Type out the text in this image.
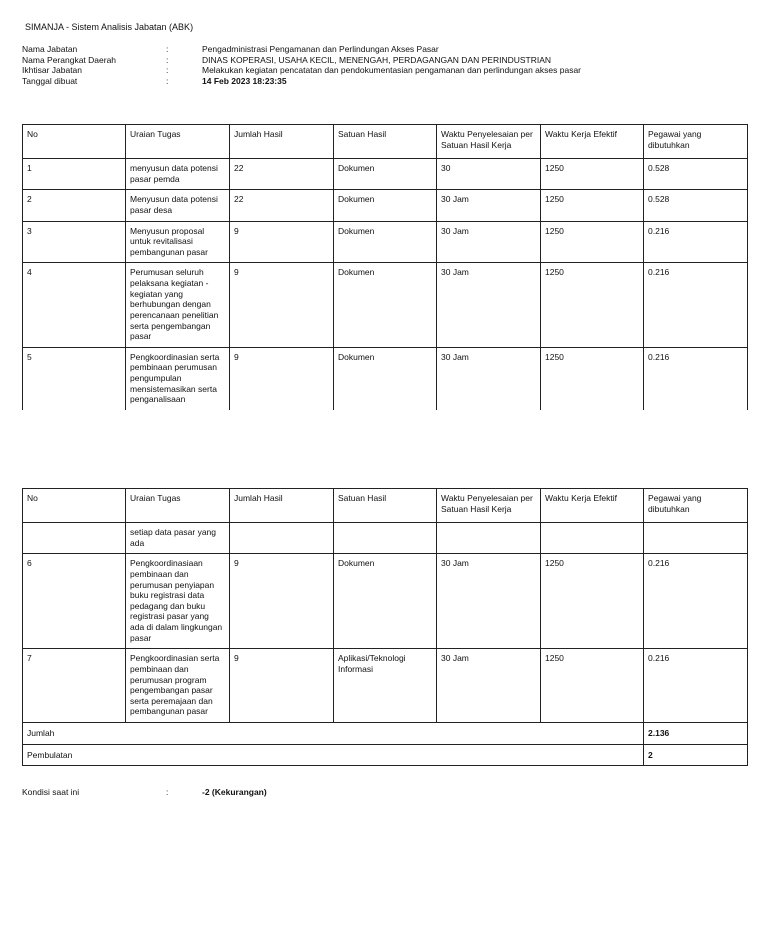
SIMANJA - Sistem Analisis Jabatan (ABK)
Nama Jabatan	:	Pengadministrasi Pengamanan dan Perlindungan Akses Pasar
Nama Perangkat Daerah	:	DINAS KOPERASI, USAHA KECIL, MENENGAH, PERDAGANGAN DAN PERINDUSTRIAN
Ikhtisar Jabatan	:	Melakukan kegiatan pencatatan dan pendokumentasian pengamanan dan perlindungan akses pasar
Tanggal dibuat	:	14 Feb 2023 18:23:35
No	Uraian Tugas	Jumlah Hasil	Satuan Hasil	Waktu Penyelesaian per Satuan Hasil Kerja	Waktu Kerja Efektif	Pegawai yang dibutuhkan
1	menyusun data potensi pasar pemda	22	Dokumen	30	1250	0.528
2	Menyusun data potensi pasar desa	22	Dokumen	30 Jam	1250	0.528
3	Menyusun proposal untuk revitalisasi pembangunan pasar	9	Dokumen	30 Jam	1250	0.216
4	Perumusan seluruh pelaksana kegiatan -kegiatan yang berhubungan dengan perencanaan penelitian serta pengembangan pasar	9	Dokumen	30 Jam	1250	0.216
5	Pengkoordinasian serta pembinaan perumusan pengumpulan mensistemasikan serta penganalisaan	9	Dokumen	30 Jam	1250	0.216
No	Uraian Tugas	Jumlah Hasil	Satuan Hasil	Waktu Penyelesaian per Satuan Hasil Kerja	Waktu Kerja Efektif	Pegawai yang dibutuhkan
	setiap data pasar yang ada					
6	Pengkoordinasiaan pembinaan dan perumusan penyiapan buku registrasi data pedagang dan buku registrasi pasar yang ada di dalam lingkungan pasar	9	Dokumen	30 Jam	1250	0.216
7	Pengkoordinasian serta pembinaan dan perumusan program pengembangan pasar serta peremajaan dan pembangunan pasar	9	Aplikasi/Teknologi Informasi	30 Jam	1250	0.216
Jumlah						2.136
Pembulatan						2
Kondisi saat ini	:	-2 (Kekurangan)
